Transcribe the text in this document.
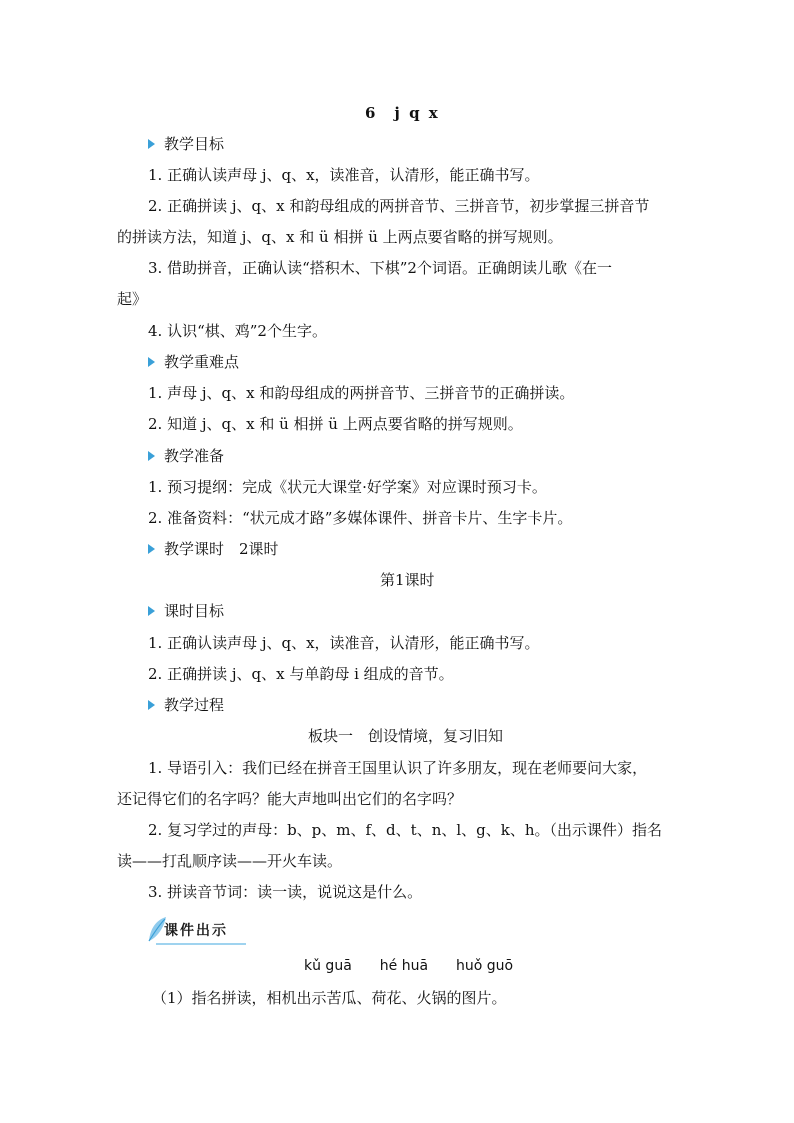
6　j q x
教学目标
1. 正确认读声母 j、q、x，读准音，认清形，能正确书写。
2. 正确拼读 j、q、x 和韵母组成的两拼音节、三拼音节，初步掌握三拼音节
的拼读方法，知道 j、q、x 和 ü 相拼 ü 上两点要省略的拼写规则。
3. 借助拼音，正确认读“搭积木、下棋”2个词语。正确朗读儿歌《在一
起》
4. 认识“棋、鸡”2个生字。
教学重难点
1. 声母 j、q、x 和韵母组成的两拼音节、三拼音节的正确拼读。
2. 知道 j、q、x 和 ü 相拼 ü 上两点要省略的拼写规则。
教学准备
1. 预习提纲：完成《状元大课堂·好学案》对应课时预习卡。
2. 准备资料：“状元成才路”多媒体课件、拼音卡片、生字卡片。
教学课时　2课时
第1课时
课时目标
1. 正确认读声母 j、q、x，读准音，认清形，能正确书写。
2. 正确拼读 j、q、x 与单韵母 i 组成的音节。
教学过程
板块一　创设情境，复习旧知
1. 导语引入：我们已经在拼音王国里认识了许多朋友，现在老师要问大家，
还记得它们的名字吗？能大声地叫出它们的名字吗？
2. 复习学过的声母：b、p、m、f、d、t、n、l、g、k、h。（出示课件）指名
读——打乱顺序读——开火车读。
3. 拼读音节词：读一读，说说这是什么。
课件出示
kǔ guā　　hé huā　　huǒ guō
（1）指名拼读，相机出示苦瓜、荷花、火锅的图片。
